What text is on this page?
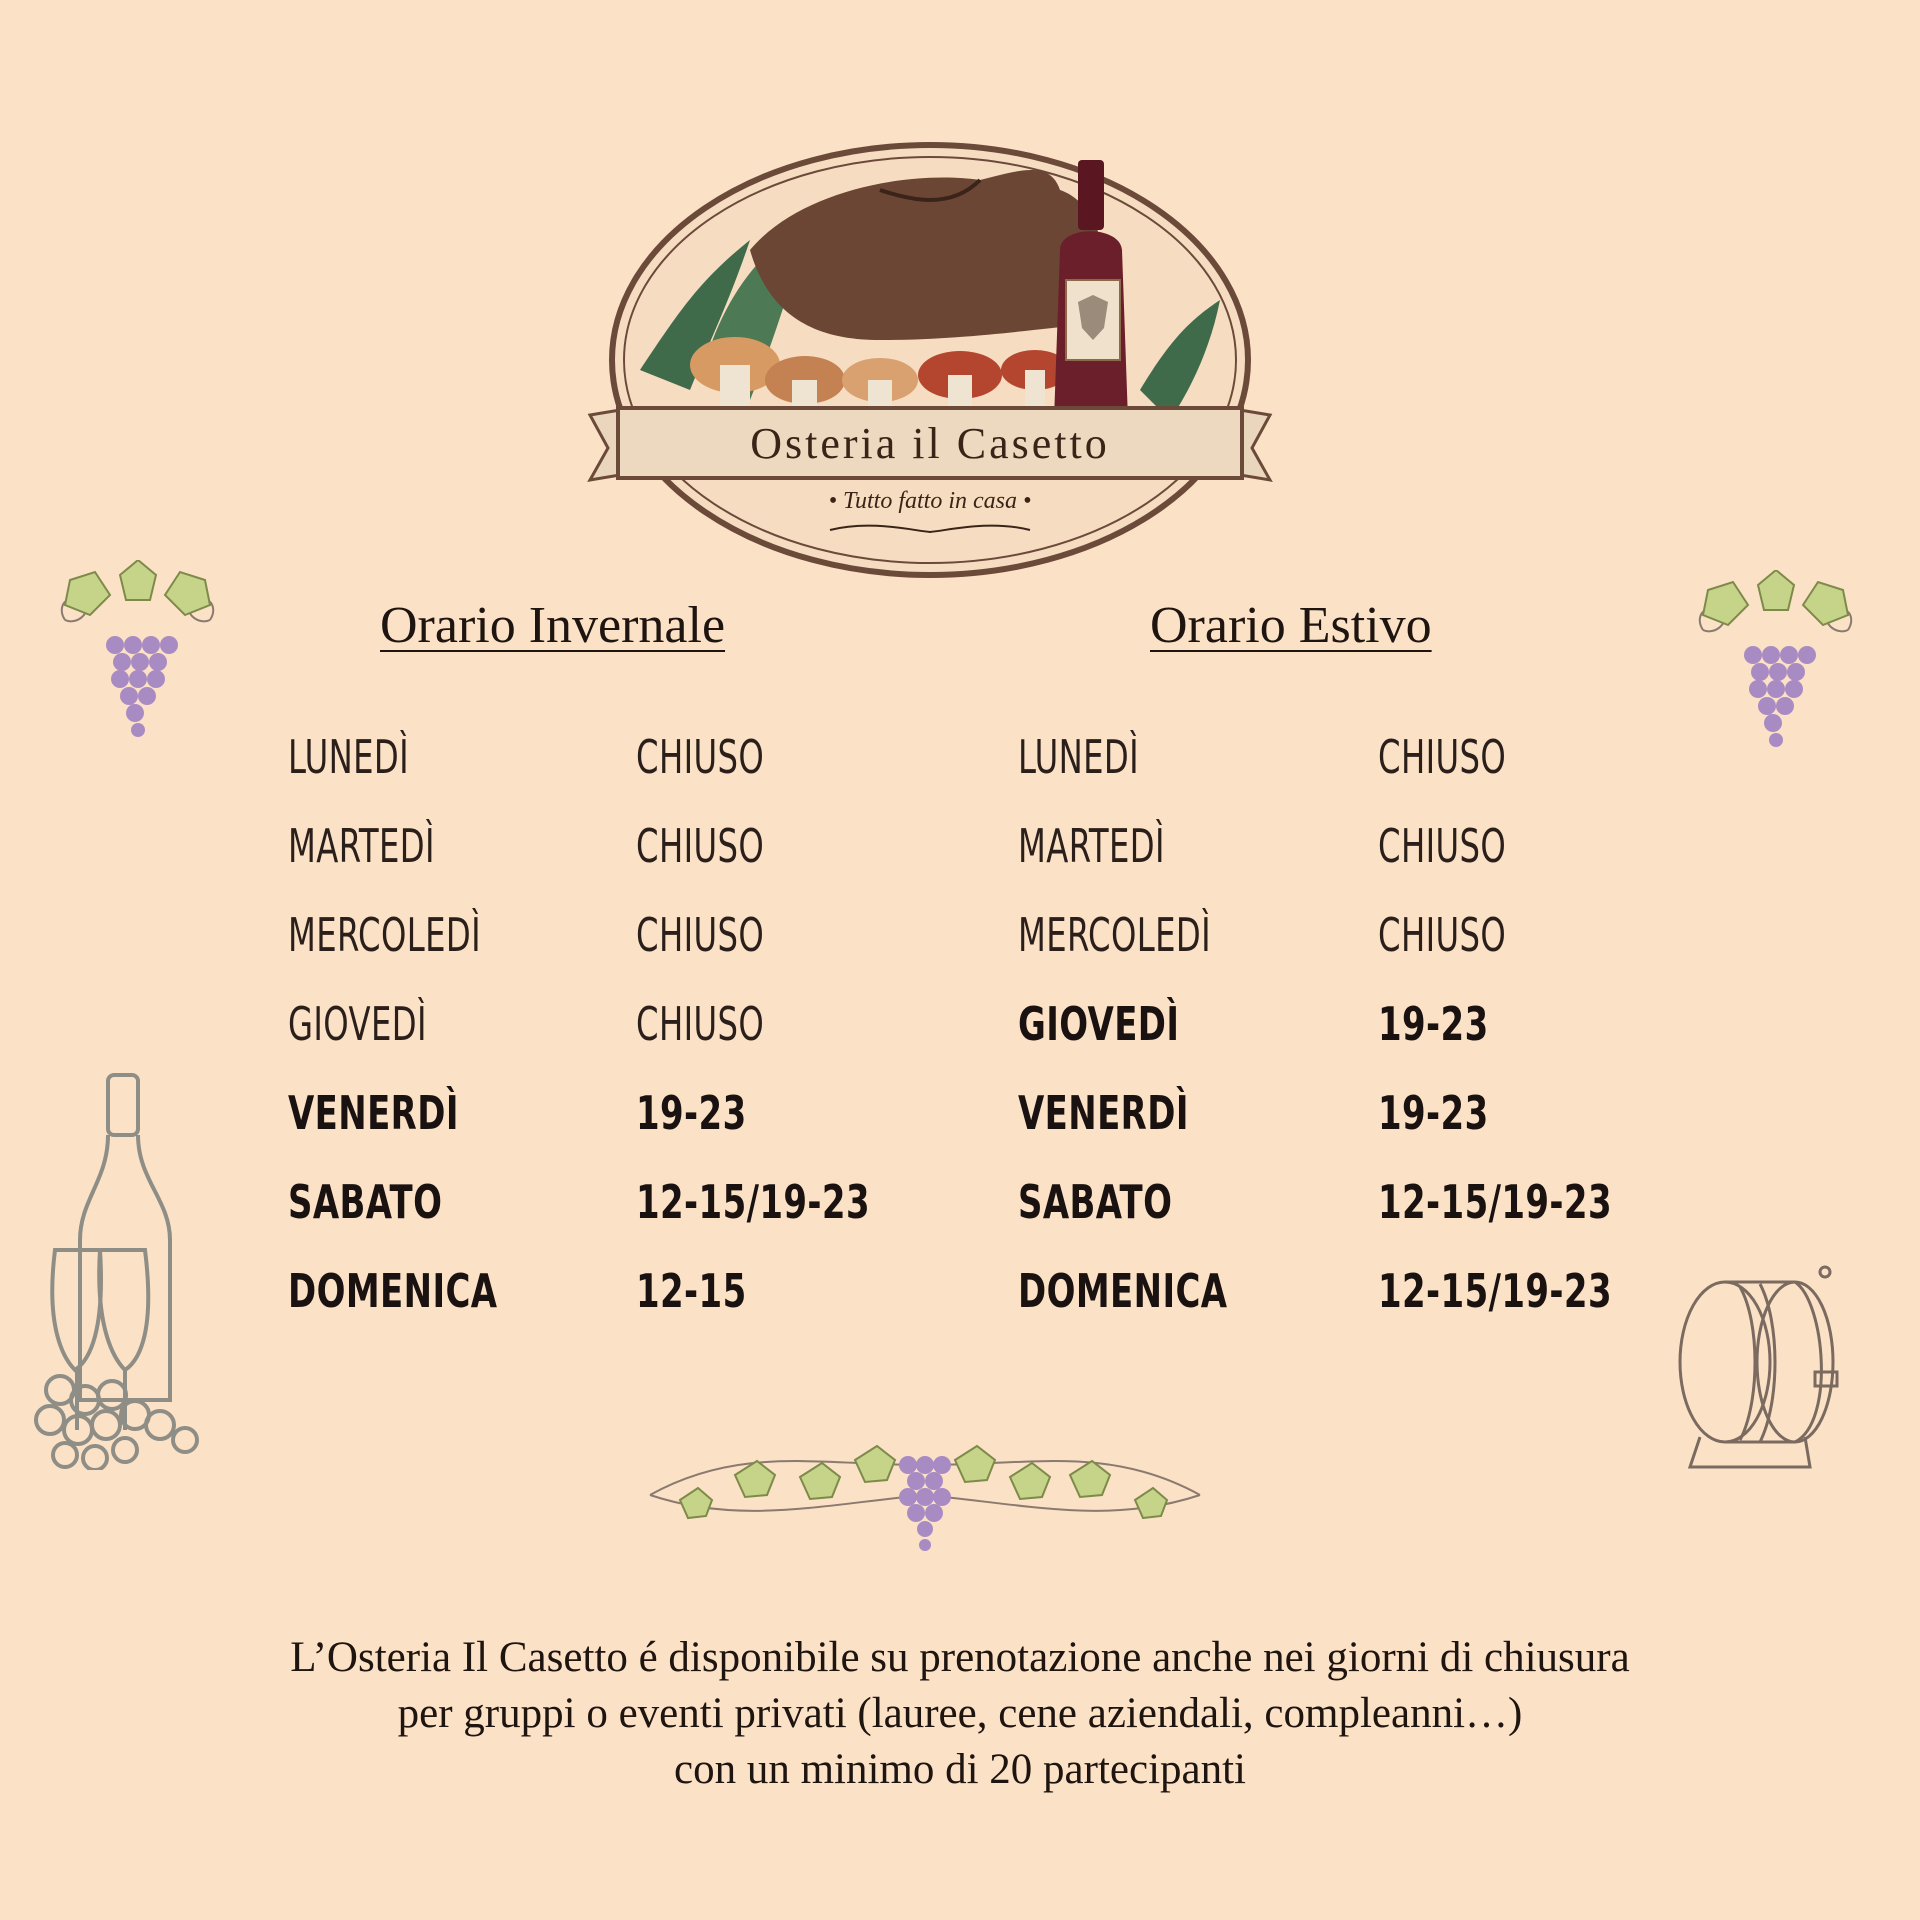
Osteria il Casetto
• Tutto fatto in casa •
Orario Invernale	Orario Estivo
LUNEDÌ	CHIUSO
MARTEDÌ	CHIUSO
MERCOLEDÌ	CHIUSO
GIOVEDÌ	CHIUSO
VENERDÌ	19-23
SABATO	12-15/19-23
DOMENICA	12-15
LUNEDÌ	CHIUSO
MARTEDÌ	CHIUSO
MERCOLEDÌ	CHIUSO
GIOVEDÌ	19-23
VENERDÌ	19-23
SABATO	12-15/19-23
DOMENICA	12-15/19-23
L’Osteria Il Casetto é disponibile su prenotazione anche nei giorni di chiusura
per gruppi o eventi privati (lauree, cene aziendali, compleanni…)
con un minimo di 20 partecipanti
